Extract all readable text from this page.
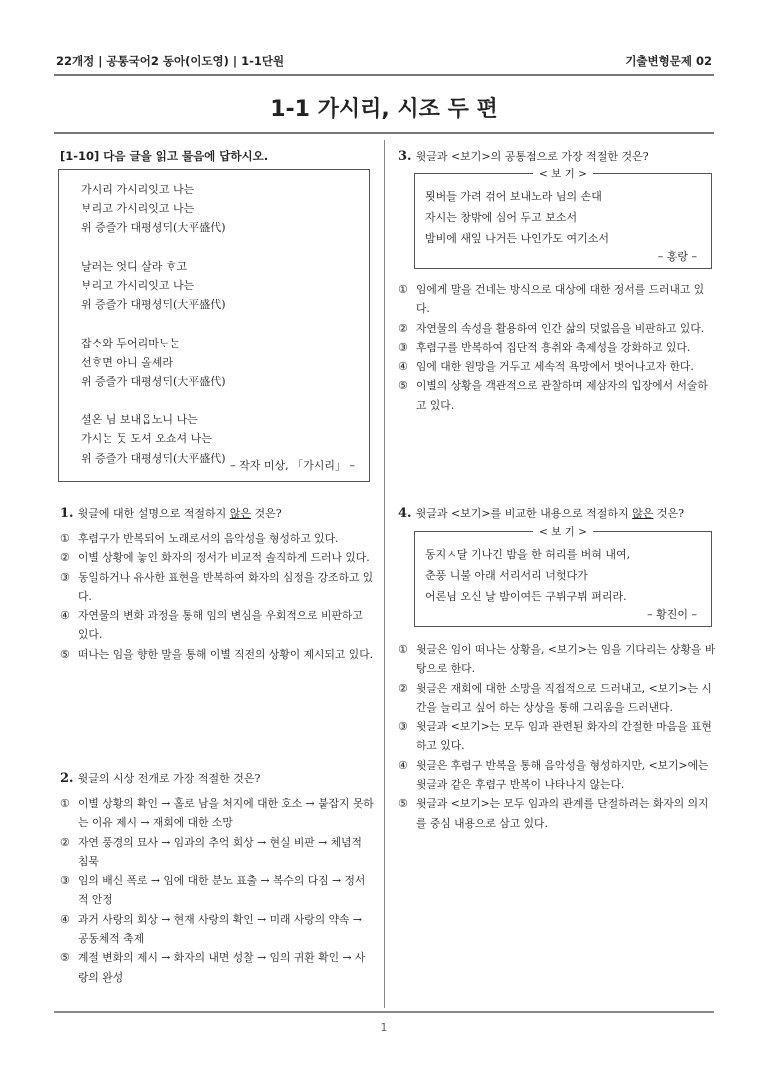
22개정 | 공통국어2 동아(이도영) | 1-1단원	기출변형문제 02
1-1 가시리, 시조 두 편
[1-10] 다음 글을 읽고 물음에 답하시오.
가시리 가시리잇고 나는
ᄇᆞ리고 가시리잇고 나는
위 증즐가 대평셩ᄃᆡ(大平盛代)
날러는 엇디 살라 ᄒᆞ고
ᄇᆞ리고 가시리잇고 나는
위 증즐가 대평셩ᄃᆡ(大平盛代)
잡ᄉᆞ와 두어리마ᄂᆞᄂᆞᆫ
선ᄒᆞ면 아니 올셰라
위 증즐가 대평셩ᄃᆡ(大平盛代)
셜온 님 보내ᄋᆞᆸ노니 나는
가시ᄂᆞᆫ ᄃᆞᆺ 도셔 오쇼셔 나는
위 증즐가 대평셩ᄃᆡ(大平盛代)
– 작자 미상, 「가시리」 –
1. 윗글에 대한 설명으로 적절하지 않은 것은?
① 후렴구가 반복되어 노래로서의 음악성을 형성하고 있다.
② 이별 상황에 놓인 화자의 정서가 비교적 솔직하게 드러나 있다.
③ 동일하거나 유사한 표현을 반복하여 화자의 심정을 강조하고 있다.
④ 자연물의 변화 과정을 통해 임의 변심을 우회적으로 비판하고 있다.
⑤ 떠나는 임을 향한 말을 통해 이별 직전의 상황이 제시되고 있다.
2. 윗글의 시상 전개로 가장 적절한 것은?
① 이별 상황의 확인 → 홀로 남을 처지에 대한 호소 → 붙잡지 못하는 이유 제시 → 재회에 대한 소망
② 자연 풍경의 묘사 → 임과의 추억 회상 → 현실 비판 → 체념적 침묵
③ 임의 배신 폭로 → 임에 대한 분노 표출 → 복수의 다짐 → 정서적 안정
④ 과거 사랑의 회상 → 현재 사랑의 확인 → 미래 사랑의 약속 → 공동체적 축제
⑤ 계절 변화의 제시 → 화자의 내면 성찰 → 임의 귀환 확인 → 사랑의 완성
3. 윗글과 <보기>의 공통점으로 가장 적절한 것은?
< 보 기 >
묏버들 가려 걲어 보내노라 님의 손대
자시는 창밖에 심어 두고 보소서
밤비에 새잎 나거든 나인가도 여기소서
– 홍랑 –
① 임에게 말을 건네는 방식으로 대상에 대한 정서를 드러내고 있다.
② 자연물의 속성을 활용하여 인간 삶의 덧없음을 비판하고 있다.
③ 후렴구를 반복하여 집단적 흥취와 축제성을 강화하고 있다.
④ 임에 대한 원망을 거두고 세속적 욕망에서 벗어나고자 한다.
⑤ 이별의 상황을 객관적으로 관찰하며 제삼자의 입장에서 서술하고 있다.
4. 윗글과 <보기>를 비교한 내용으로 적절하지 않은 것은?
< 보 기 >
동지ㅅ달 기나긴 밤을 한 허리를 버혀 내여,
춘풍 니불 아래 서리서리 너헛다가
어론님 오신 날 밤이여든 구뷔구뷔 펴리라.
– 황진이 –
① 윗글은 임이 떠나는 상황을, <보기>는 임을 기다리는 상황을 바탕으로 한다.
② 윗글은 재회에 대한 소망을 직접적으로 드러내고, <보기>는 시간을 늘리고 싶어 하는 상상을 통해 그리움을 드러낸다.
③ 윗글과 <보기>는 모두 임과 관련된 화자의 간절한 마음을 표현하고 있다.
④ 윗글은 후렴구 반복을 통해 음악성을 형성하지만, <보기>에는 윗글과 같은 후렴구 반복이 나타나지 않는다.
⑤ 윗글과 <보기>는 모두 임과의 관계를 단절하려는 화자의 의지를 중심 내용으로 삼고 있다.
1
